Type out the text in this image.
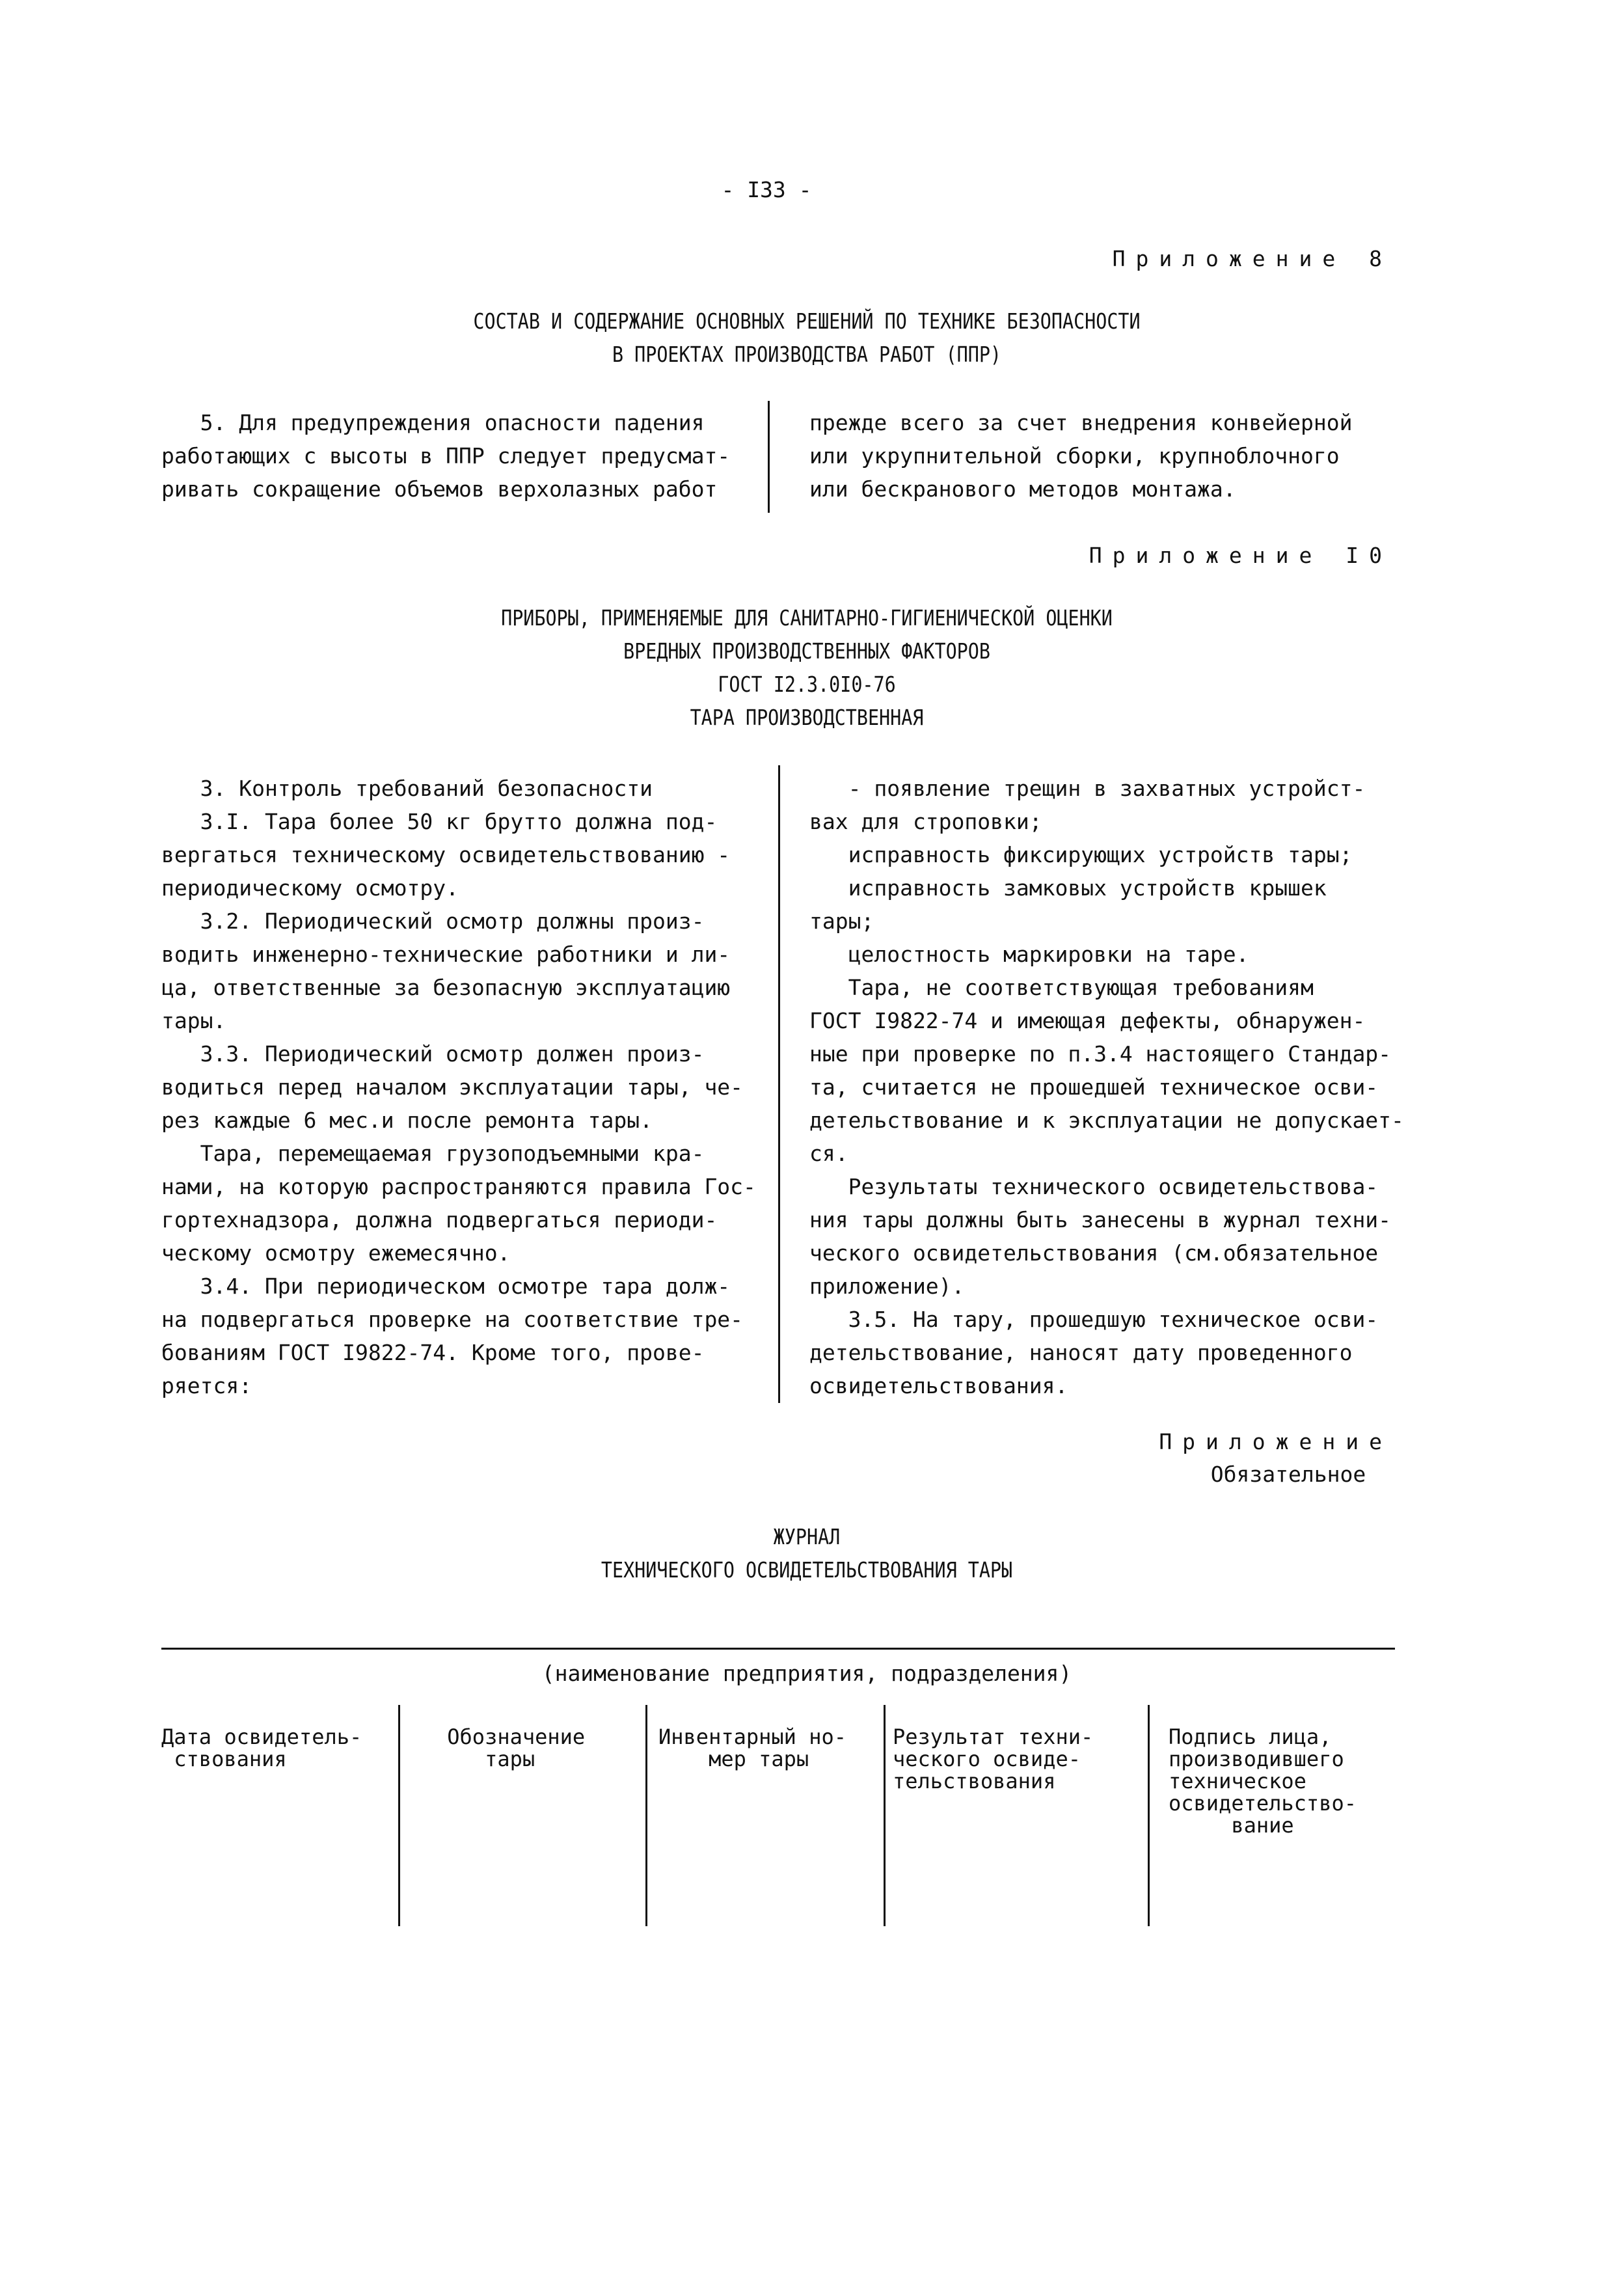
- I33 -
Приложение 8
СОСТАВ И СОДЕРЖАНИЕ ОСНОВНЫХ РЕШЕНИЙ ПО ТЕХНИКЕ БЕЗОПАСНОСТИ
В ПРОЕКТАХ ПРОИЗВОДСТВА РАБОТ (ППР)

5. Для предупреждения опасности падения

работающих с высоты в ППР следует предусмат-

ривать сокращение объемов верхолазных работ

прежде всего за счет внедрения конвейерной

или укрупнительной сборки, крупноблочного

или бескранового методов монтажа.

Приложение I0
ПРИБОРЫ, ПРИМЕНЯЕМЫЕ ДЛЯ САНИТАРНО-ГИГИЕНИЧЕСКОЙ ОЦЕНКИ
ВРЕДНЫХ ПРОИЗВОДСТВЕННЫХ ФАКТОРОВ
ГОСТ I2.3.0I0-76
ТАРА ПРОИЗВОДСТВЕННАЯ

3. Контроль требований безопасности

3.I. Тара более 50 кг брутто должна под-

вергаться техническому освидетельствованию -

периодическому осмотру.

3.2. Периодический осмотр должны произ-

водить инженерно-технические работники и ли-

ца, ответственные за безопасную эксплуатацию

тары.

3.3. Периодический осмотр должен произ-

водиться перед началом эксплуатации тары, че-

рез каждые 6 мес.и после ремонта тары.

Тара, перемещаемая грузоподъемными кра-

нами, на которую распространяются правила Гос-

гортехнадзора, должна подвергаться периоди-

ческому осмотру ежемесячно.

3.4. При периодическом осмотре тара долж-

на подвергаться проверке на соответствие тре-

бованиям ГОСТ I9822-74. Кроме того, прове-

ряется:

- появление трещин в захватных устройст-

вах для строповки;

исправность фиксирующих устройств тары;

исправность замковых устройств крышек

тары;

целостность маркировки на таре.

Тара, не соответствующая требованиям

ГОСТ I9822-74 и имеющая дефекты, обнаружен-

ные при проверке по п.3.4 настоящего Стандар-

та, считается не прошедшей техническое осви-

детельствование и к эксплуатации не допускает-

ся.

Результаты технического освидетельствова-

ния тары должны быть занесены в журнал техни-

ческого освидетельствования (см.обязательное

приложение).

3.5. На тару, прошедшую техническое осви-

детельствование, наносят дату проведенного

освидетельствования.

Приложение
Обязательное
ЖУРНАЛ
ТЕХНИЧЕСКОГО ОСВИДЕТЕЛЬСТВОВАНИЯ ТАРЫ
(наименование предприятия, подразделения)
Дата освидетель-
ствования
Обозначение
тары
Инвентарный но-
мер тары
Результат техни-
ческого освиде-
тельствования
Подпись лица,
производившего
техническое
освидетельство-
вание
